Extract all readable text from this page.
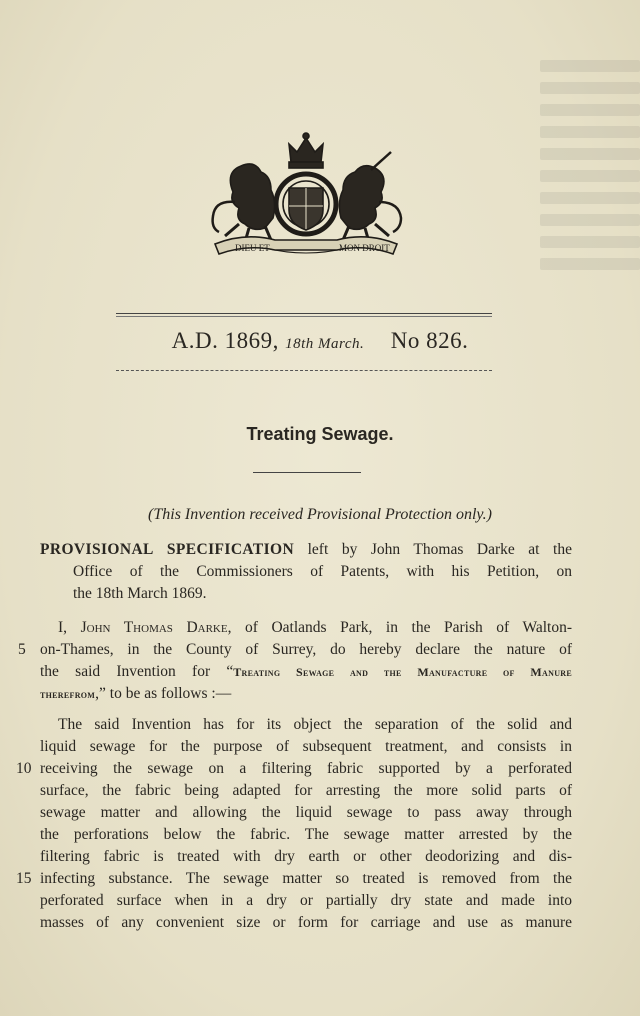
DIEU ET	MON DROIT
A.D. 1869, 18th March. No 826.
Treating Sewage.
(This Invention received Provisional Protection only.)
PROVISIONAL SPECIFICATION left by John Thomas Darke at the
Office of the Commissioners of Patents, with his Petition, on
the 18th March 1869.
I, John Thomas Darke, of Oatlands Park, in the Parish of Walton-
on-Thames, in the County of Surrey, do hereby declare the nature of
the said Invention for “Treating Sewage and the Manufacture of Manure
therefrom,” to be as follows :—
The said Invention has for its object the separation of the solid and
liquid sewage for the purpose of subsequent treatment, and consists in
receiving the sewage on a filtering fabric supported by a perforated
surface, the fabric being adapted for arresting the more solid parts of
sewage matter and allowing the liquid sewage to pass away through
the perforations below the fabric. The sewage matter arrested by the
filtering fabric is treated with dry earth or other deodorizing and dis-
infecting substance. The sewage matter so treated is removed from the
perforated surface when in a dry or partially dry state and made into
masses of any convenient size or form for carriage and use as manure
5
10
15
